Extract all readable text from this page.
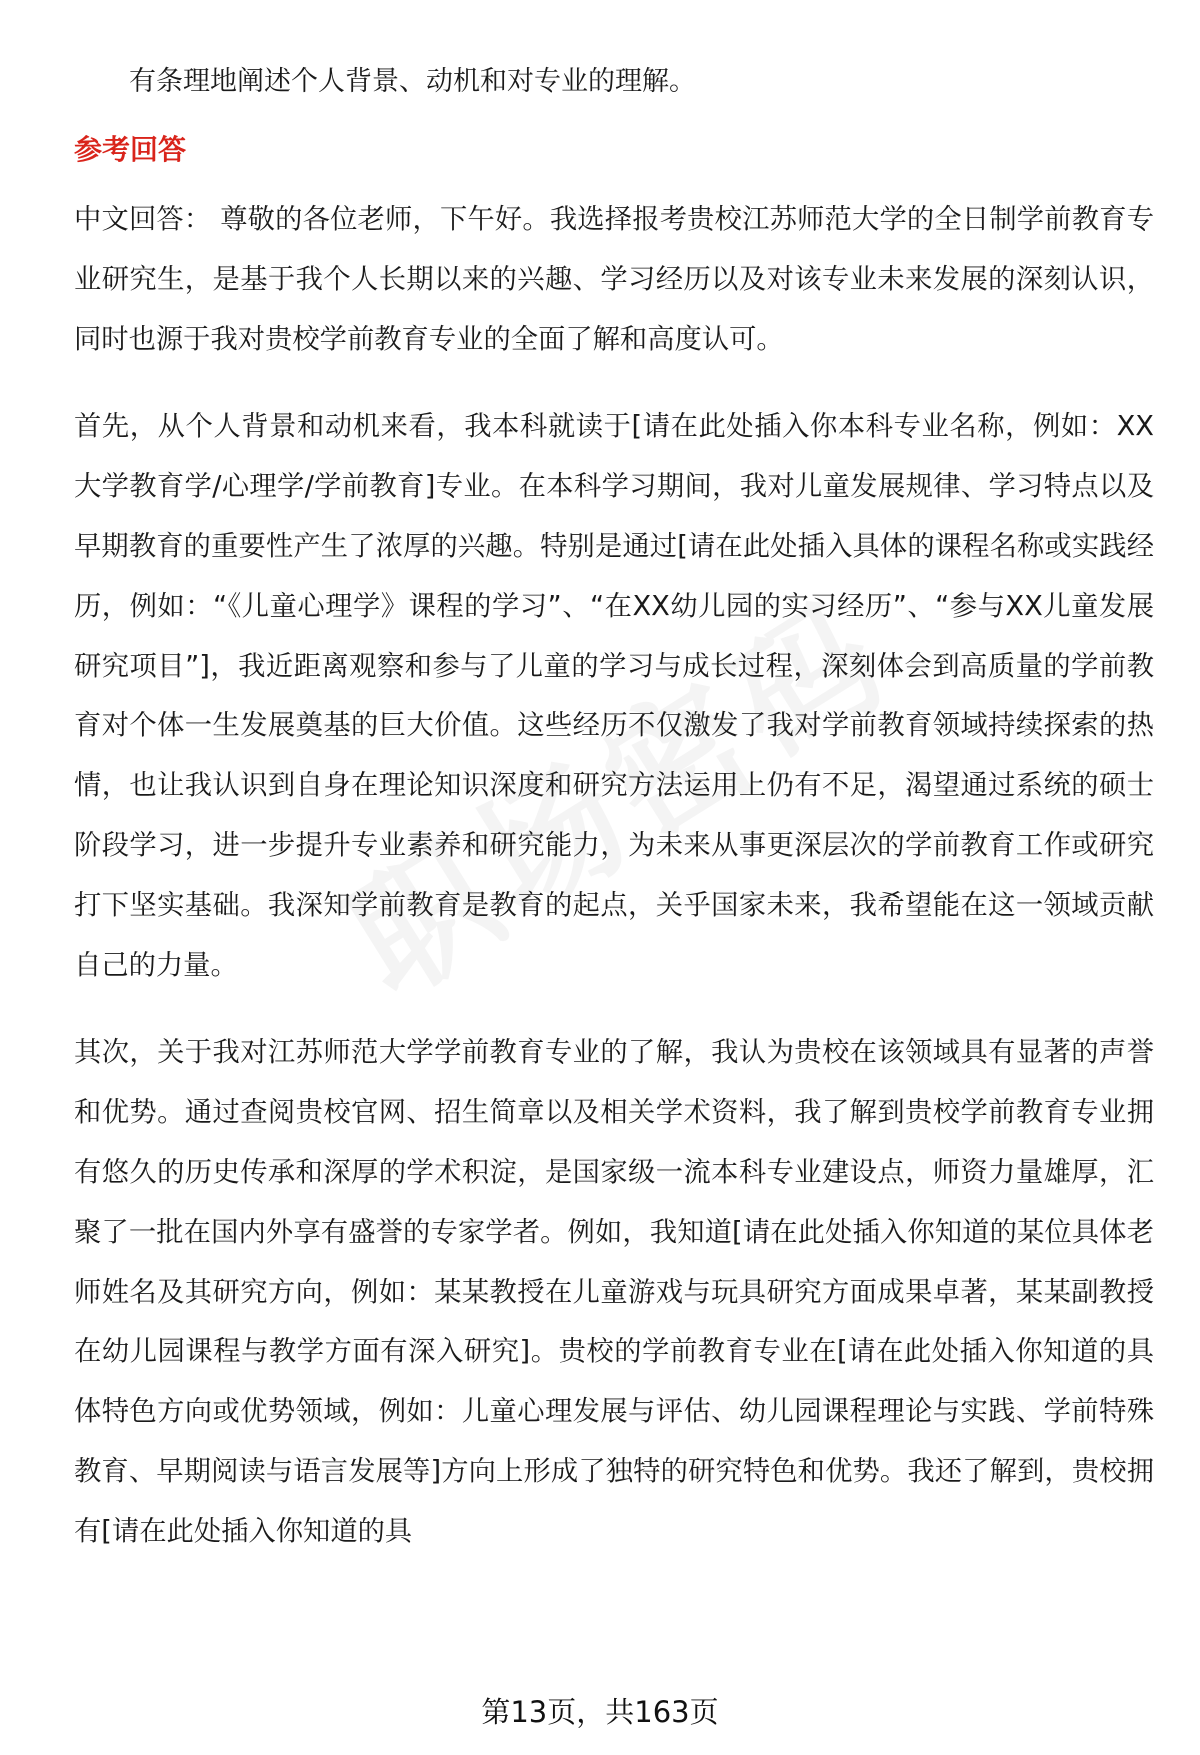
有条理地阐述个人背景、动机和对专业的理解。

参考回答

中文回答： 尊敬的各位老师，下午好。我选择报考贵校江苏师范大学的全日制学前教育专业研究生，是基于我个人长期以来的兴趣、学习经历以及对该专业未来发展的深刻认识，同时也源于我对贵校学前教育专业的全面了解和高度认可。

首先，从个人背景和动机来看，我本科就读于[请在此处插入你本科专业名称，例如：XX大学教育学/心理学/学前教育]专业。在本科学习期间，我对儿童发展规律、学习特点以及早期教育的重要性产生了浓厚的兴趣。特别是通过[请在此处插入具体的课程名称或实践经历，例如：“《儿童心理学》课程的学习”、“在XX幼儿园的实习经历”、“参与XX儿童发展研究项目”]，我近距离观察和参与了儿童的学习与成长过程，深刻体会到高质量的学前教育对个体一生发展奠基的巨大价值。这些经历不仅激发了我对学前教育领域持续探索的热情，也让我认识到自身在理论知识深度和研究方法运用上仍有不足，渴望通过系统的硕士阶段学习，进一步提升专业素养和研究能力，为未来从事更深层次的学前教育工作或研究打下坚实基础。我深知学前教育是教育的起点，关乎国家未来，我希望能在这一领域贡献自己的力量。

其次，关于我对江苏师范大学学前教育专业的了解，我认为贵校在该领域具有显著的声誉和优势。通过查阅贵校官网、招生简章以及相关学术资料，我了解到贵校学前教育专业拥有悠久的历史传承和深厚的学术积淀，是国家级一流本科专业建设点，师资力量雄厚，汇聚了一批在国内外享有盛誉的专家学者。例如，我知道[请在此处插入你知道的某位具体老师姓名及其研究方向，例如：某某教授在儿童游戏与玩具研究方面成果卓著，某某副教授在幼儿园课程与教学方面有深入研究]。贵校的学前教育专业在[请在此处插入你知道的具体特色方向或优势领域，例如：儿童心理发展与评估、幼儿园课程理论与实践、学前特殊教育、早期阅读与语言发展等]方向上形成了独特的研究特色和优势。我还了解到，贵校拥有[请在此处插入你知道的具

第13页，共163页
